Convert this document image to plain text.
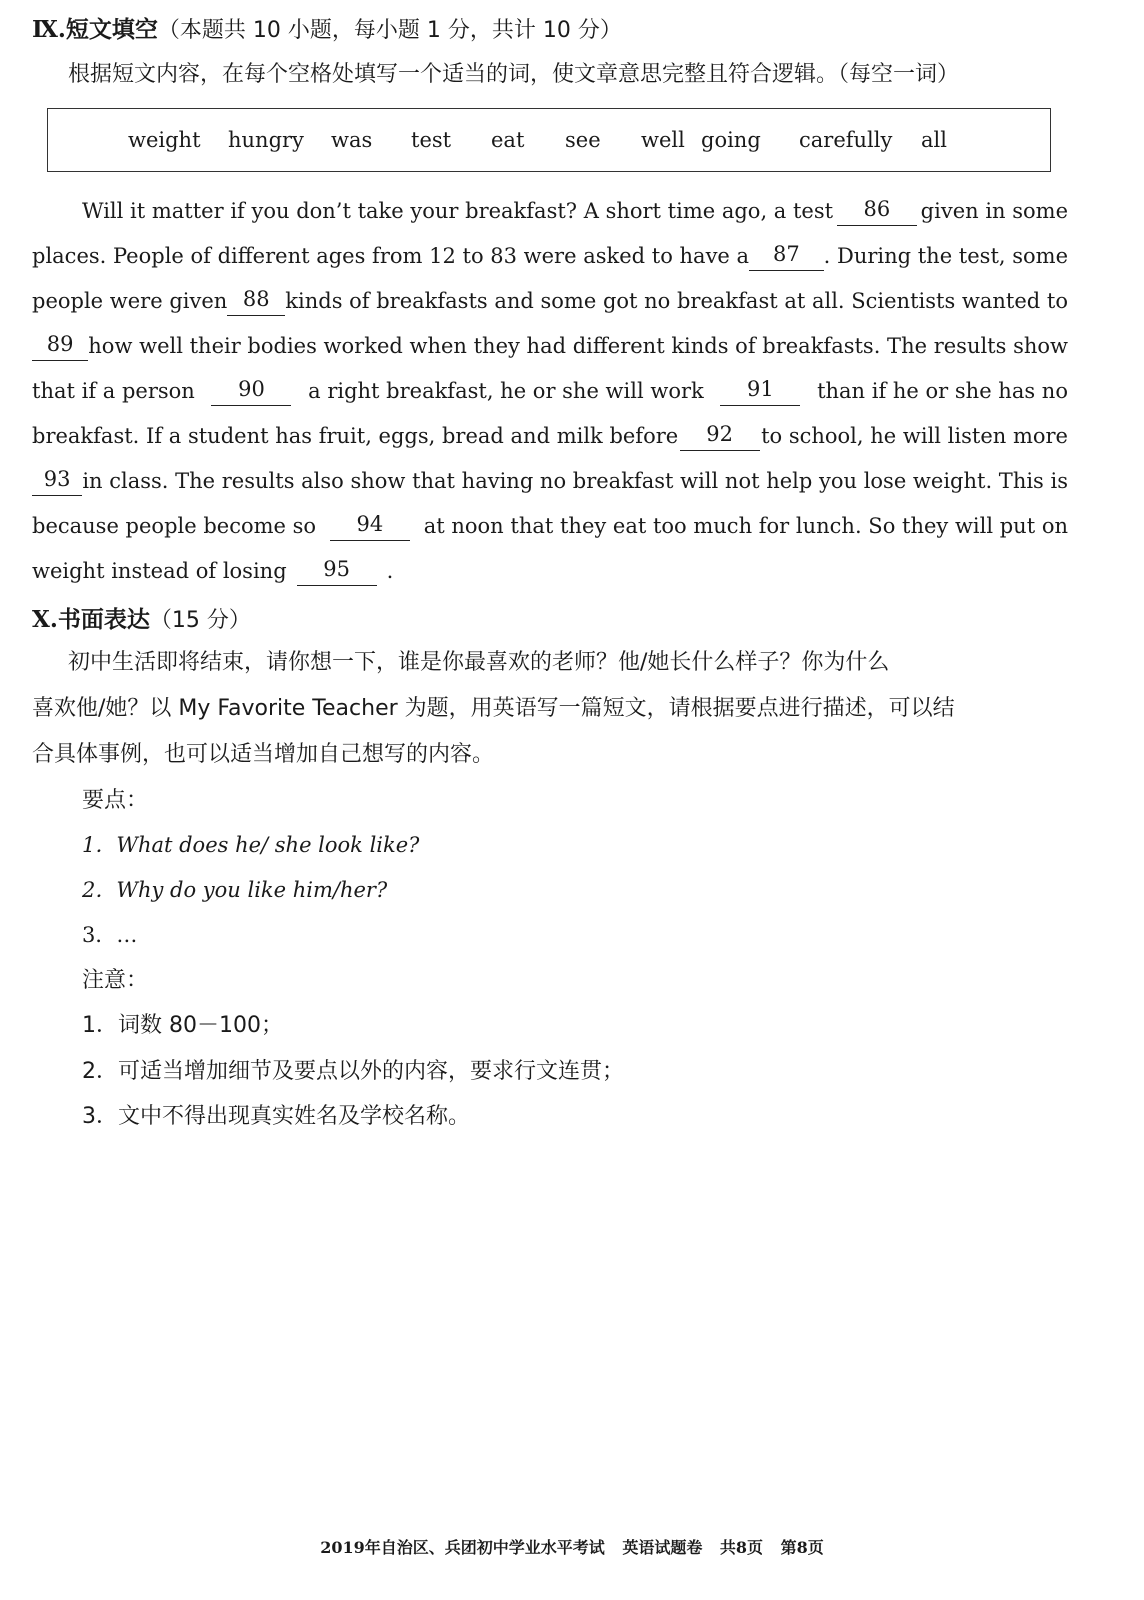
Ⅸ.短文填空（本题共 10 小题，每小题 1 分，共计 10 分）
根据短文内容，在每个空格处填写一个适当的词，使文章意思完整且符合逻辑。（每空一词）
weight	hungry	was	test	eat	see	well going	carefully	all
Will it matter if you don’t take your breakfast? A short time ago, a test	86	given in some
places. People of different ages from 12 to 83 were asked to have a	87	. During the test, some
people were given 88 kinds of breakfasts and some got no breakfast at all. Scientists wanted to
89 how well their bodies worked when they had different kinds of breakfasts. The results show
that if a person	90	a right breakfast, he or she will work	91	than if he or she has no
breakfast. If a student has fruit, eggs, bread and milk before	92	to school, he will listen more
93 in class. The results also show that having no breakfast will not help you lose weight. This is
because people become so	94	at noon that they eat too much for lunch. So they will put on
weight instead of losing	95	.
Ⅹ.书面表达（15 分）
初中生活即将结束，请你想一下，谁是你最喜欢的老师？他/她长什么样子？你为什么
喜欢他/她？以 My Favorite Teacher 为题，用英语写一篇短文，请根据要点进行描述，可以结
合具体事例，也可以适当增加自己想写的内容。
要点：
1．What does he/ she look like?
2．Why do you like him/her?
3．…
注意：
1．词数 80－100；
2．可适当增加细节及要点以外的内容，要求行文连贯；
3．文中不得出现真实姓名及学校名称。
2019年自治区、兵团初中学业水平考试 英语试题卷 共8页 第8页
